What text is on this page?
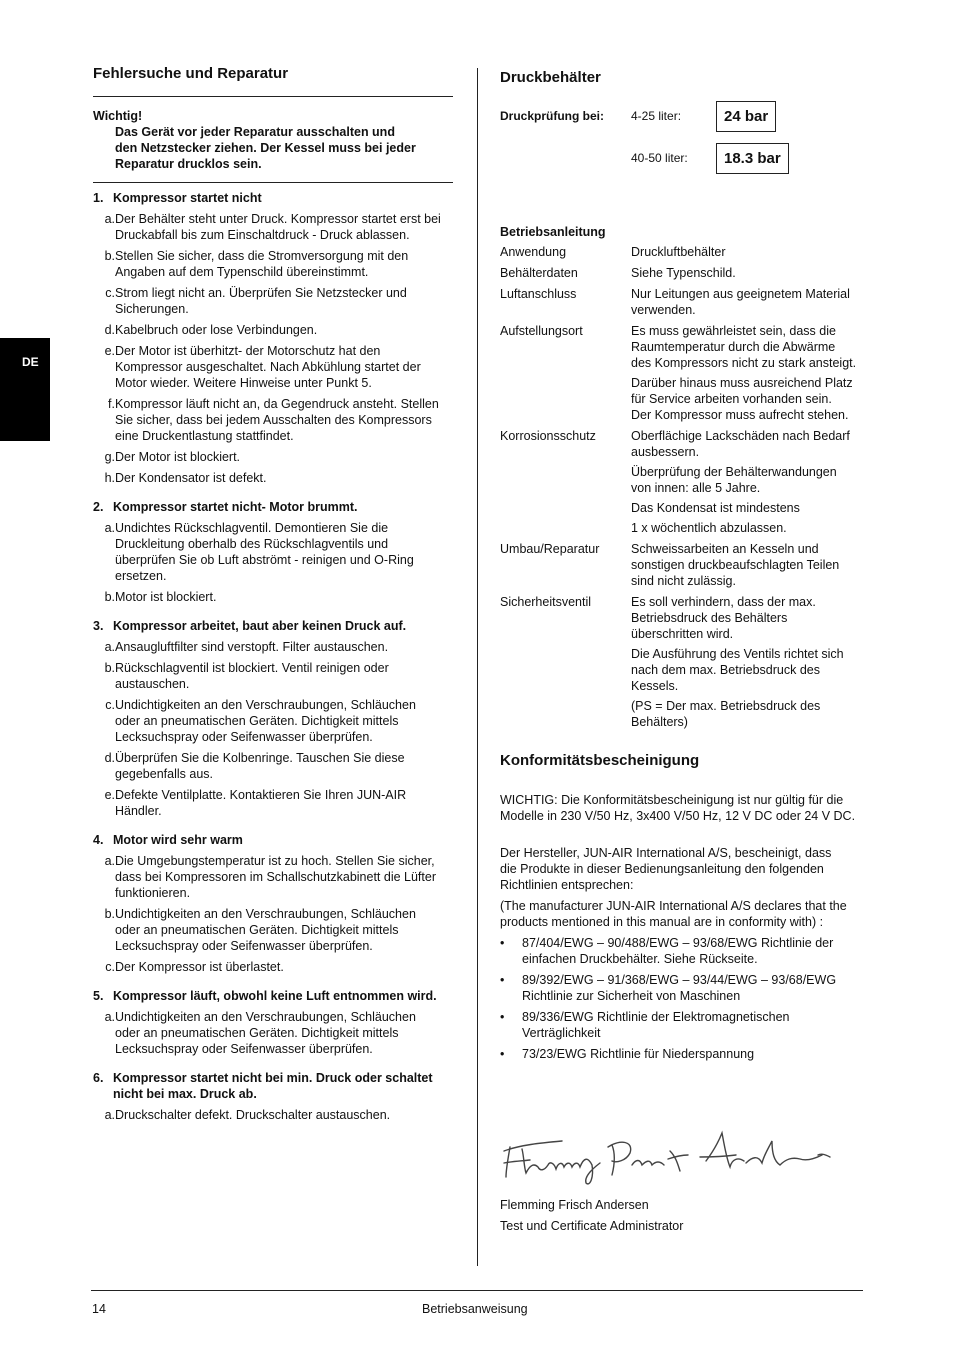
DE
Fehlersuche und Reparatur
Wichtig!
Das Gerät vor jeder Reparatur ausschalten und
den Netzstecker ziehen. Der Kessel muss bei jeder
Reparatur drucklos sein.
1. Kompressor startet nicht
a. Der Behälter steht unter Druck. Kompressor startet erst bei
Druckabfall bis zum Einschaltdruck - Druck ablassen.
b. Stellen Sie sicher, dass die Stromversorgung mit den
Angaben auf dem Typenschild übereinstimmt.
c. Strom liegt nicht an. Überprüfen Sie Netzstecker und
Sicherungen.
d. Kabelbruch oder lose Verbindungen.
e. Der Motor ist überhitzt- der Motorschutz hat den
Kompressor ausgeschaltet. Nach Abkühlung startet der
Motor wieder. Weitere Hinweise unter Punkt 5.
f. Kompressor läuft nicht an, da Gegendruck ansteht. Stellen
Sie sicher, dass bei jedem Ausschalten des Kompressors
eine Druckentlastung stattfindet.
g. Der Motor ist blockiert.
h. Der Kondensator ist defekt.
2. Kompressor startet nicht- Motor brummt.
a. Undichtes Rückschlagventil. Demontieren Sie die
Druckleitung oberhalb des Rückschlagventils und
überprüfen Sie ob Luft abströmt - reinigen und O-Ring
ersetzen.
b. Motor ist blockiert.
3. Kompressor arbeitet, baut aber keinen Druck auf.
a. Ansaugluftfilter sind verstopft. Filter austauschen.
b. Rückschlagventil ist blockiert. Ventil reinigen oder
austauschen.
c. Undichtigkeiten an den Verschraubungen, Schläuchen
oder an pneumatischen Geräten. Dichtigkeit mittels
Lecksuchspray oder Seifenwasser überprüfen.
d. Überprüfen Sie die Kolbenringe. Tauschen Sie diese
gegebenfalls aus.
e. Defekte Ventilplatte. Kontaktieren Sie Ihren JUN-AIR
Händler.
4. Motor wird sehr warm
a. Die Umgebungstemperatur ist zu hoch. Stellen Sie sicher,
dass bei Kompressoren im Schallschutzkabinett die Lüfter
funktionieren.
b. Undichtigkeiten an den Verschraubungen, Schläuchen
oder an pneumatischen Geräten. Dichtigkeit mittels
Lecksuchspray oder Seifenwasser überprüfen.
c. Der Kompressor ist überlastet.
5. Kompressor läuft, obwohl keine Luft entnommen wird.
a. Undichtigkeiten an den Verschraubungen, Schläuchen
oder an pneumatischen Geräten. Dichtigkeit mittels
Lecksuchspray oder Seifenwasser überprüfen.
6. Kompressor startet nicht bei min. Druck oder schaltet
nicht bei max. Druck ab.
a. Druckschalter defekt. Druckschalter austauschen.
Druckbehälter
Druckprüfung bei: 4-25 liter:	24 bar
40-50 liter:	18.3 bar
Betriebsanleitung
Anwendung	Druckluftbehälter
Behälterdaten	Siehe Typenschild.
Luftanschluss	Nur Leitungen aus geeignetem Material
verwenden.
Aufstellungsort	Es muss gewährleistet sein, dass die
Raumtemperatur durch die Abwärme
des Kompressors nicht zu stark ansteigt.
Darüber hinaus muss ausreichend Platz
für Service arbeiten vorhanden sein.
Der Kompressor muss aufrecht stehen.
Korrosionsschutz	Oberflächige Lackschäden nach Bedarf
ausbessern.
Überprüfung der Behälterwandungen
von innen: alle 5 Jahre.
Das Kondensat ist mindestens
1 x wöchentlich abzulassen.
Umbau/Reparatur	Schweissarbeiten an Kesseln und
sonstigen druckbeaufschlagten Teilen
sind nicht zulässig.
Sicherheitsventil	Es soll verhindern, dass der max.
Betriebsdruck des Behälters
überschritten wird.
Die Ausführung des Ventils richtet sich
nach dem max. Betriebsdruck des
Kessels.
(PS = Der max. Betriebsdruck des
Behälters)
Konformitätsbescheinigung
WICHTIG: Die Konformitätsbescheinigung ist nur gültig für die
Modelle in 230 V/50 Hz, 3x400 V/50 Hz, 12 V DC oder 24 V DC.
Der Hersteller, JUN-AIR International A/S, bescheinigt, dass
die Produkte in dieser Bedienungsanleitung den folgenden
Richtlinien entsprechen:
(The manufacturer JUN-AIR International A/S declares that the
products mentioned in this manual are in conformity with) :
•	87/404/EWG – 90/488/EWG – 93/68/EWG Richtlinie der
einfachen Druckbehälter. Siehe Rückseite.
•	89/392/EWG – 91/368/EWG – 93/44/EWG – 93/68/EWG
Richtlinie zur Sicherheit von Maschinen
•	89/336/EWG Richtlinie der Elektromagnetischen
Verträglichkeit
•	73/23/EWG Richtlinie für Niederspannung
Flemming Frisch Andersen
Test und Certificate Administrator
14	Betriebsanweisung
